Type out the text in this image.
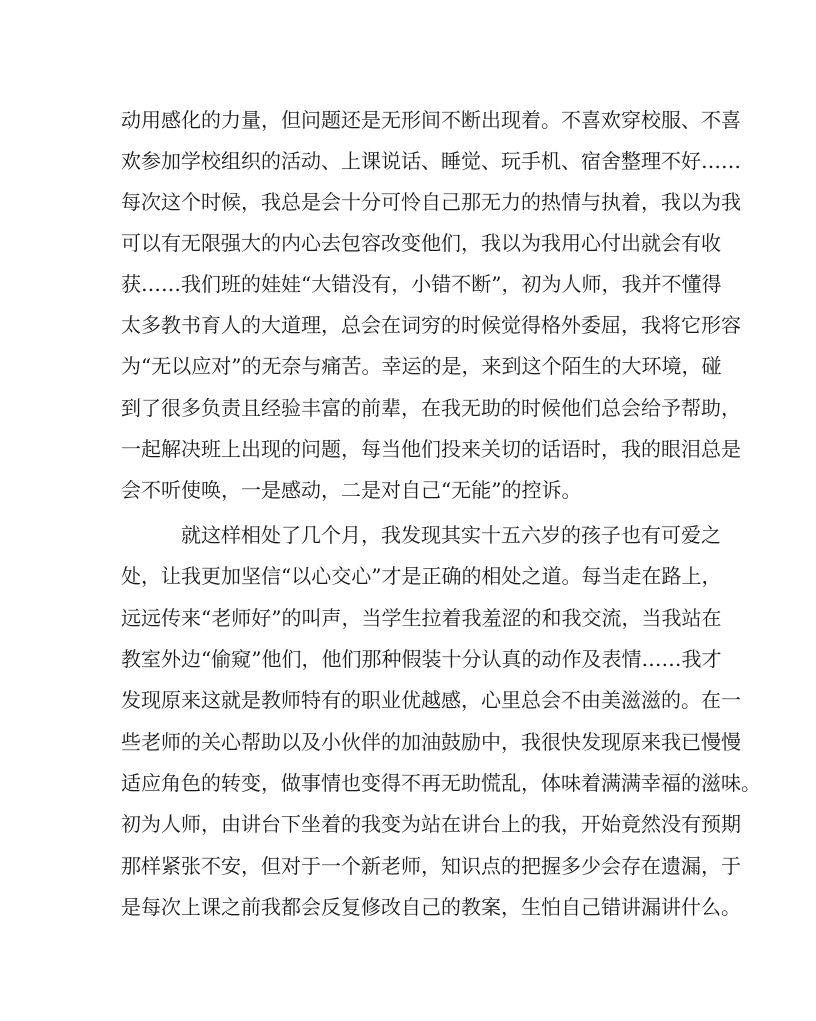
动用感化的力量，但问题还是无形间不断出现着。不喜欢穿校服、不喜
欢参加学校组织的活动、上课说话、睡觉、玩手机、宿舍整理不好……
每次这个时候，我总是会十分可怜自己那无力的热情与执着，我以为我
可以有无限强大的内心去包容改变他们，我以为我用心付出就会有收
获……我们班的娃娃“大错没有，小错不断”，初为人师，我并不懂得
太多教书育人的大道理，总会在词穷的时候觉得格外委屈，我将它形容
为“无以应对”的无奈与痛苦。幸运的是，来到这个陌生的大环境，碰
到了很多负责且经验丰富的前辈，在我无助的时候他们总会给予帮助，
一起解决班上出现的问题，每当他们投来关切的话语时，我的眼泪总是
会不听使唤，一是感动，二是对自己“无能”的控诉。
就这样相处了几个月，我发现其实十五六岁的孩子也有可爱之
处，让我更加坚信“以心交心”才是正确的相处之道。每当走在路上，
远远传来“老师好”的叫声，当学生拉着我羞涩的和我交流，当我站在
教室外边“偷窥”他们，他们那种假装十分认真的动作及表情……我才
发现原来这就是教师特有的职业优越感，心里总会不由美滋滋的。在一
些老师的关心帮助以及小伙伴的加油鼓励中，我很快发现原来我已慢慢
适应角色的转变，做事情也变得不再无助慌乱，体味着满满幸福的滋味。
初为人师，由讲台下坐着的我变为站在讲台上的我，开始竟然没有预期
那样紧张不安，但对于一个新老师，知识点的把握多少会存在遗漏，于
是每次上课之前我都会反复修改自己的教案，生怕自己错讲漏讲什么。
